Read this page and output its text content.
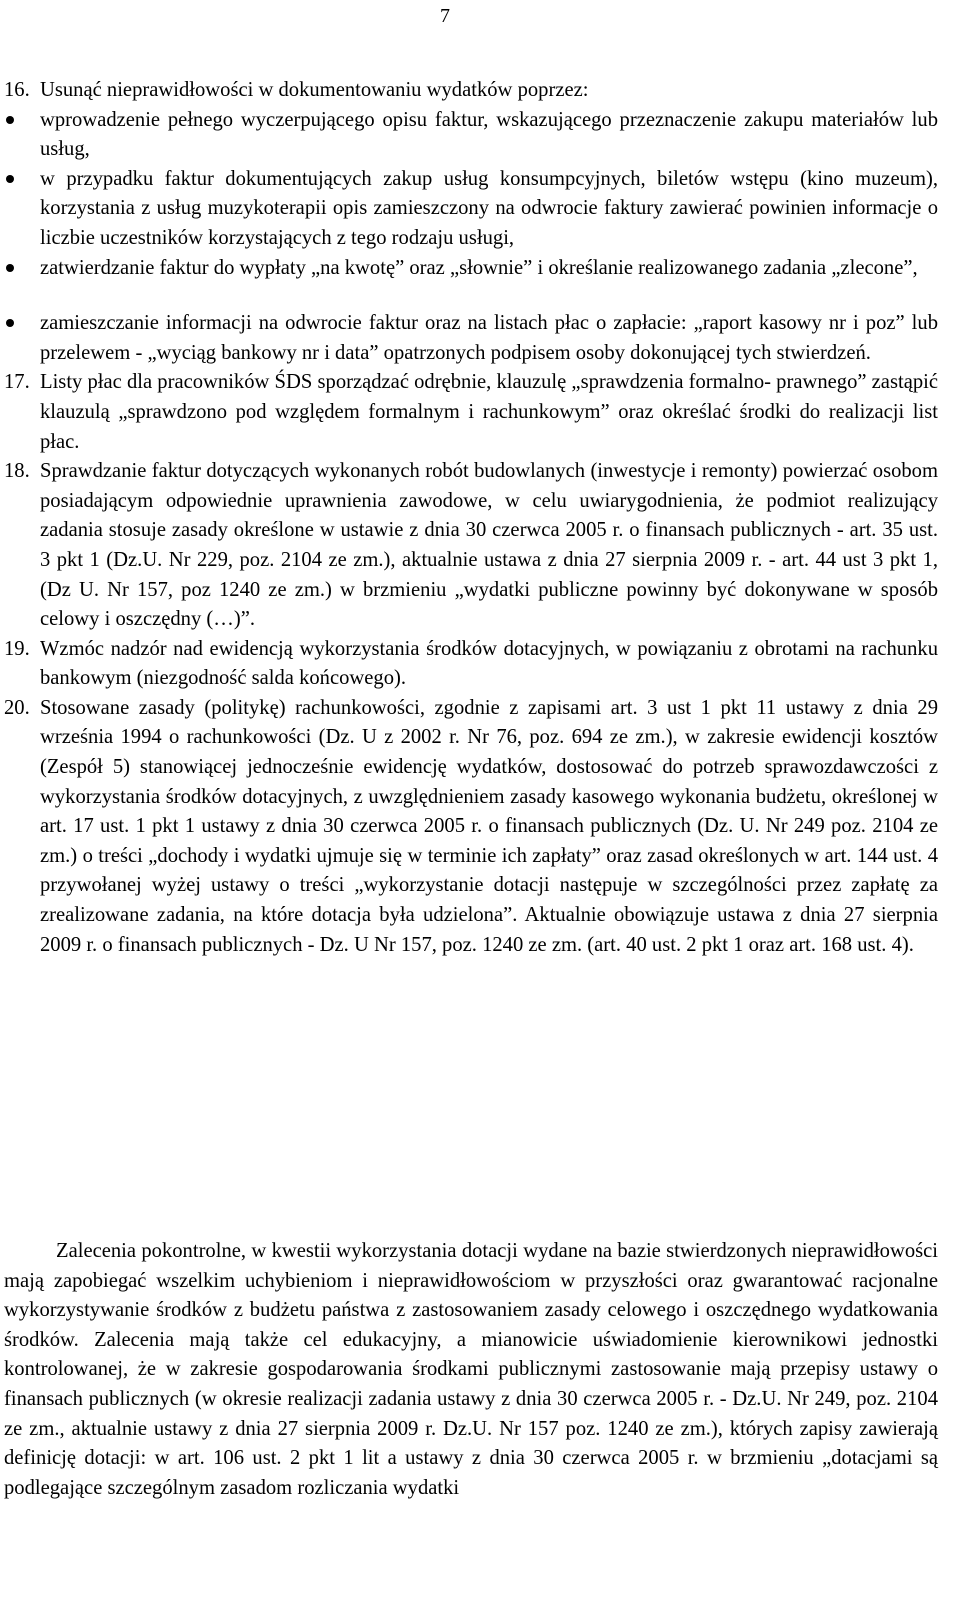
7
16. Usunąć nieprawidłowości w dokumentowaniu wydatków poprzez:
wprowadzenie pełnego wyczerpującego opisu faktur, wskazującego przeznaczenie zakupu materiałów lub usług,
w przypadku faktur dokumentujących zakup usług konsumpcyjnych, biletów wstępu (kino muzeum), korzystania z usług muzykoterapii opis zamieszczony na odwrocie faktury zawierać powinien informacje o liczbie uczestników korzystających z tego rodzaju usługi,
zatwierdzanie faktur do wypłaty „na kwotę” oraz „słownie” i określanie realizowanego zadania „zlecone”,
zamieszczanie informacji na odwrocie faktur oraz na listach płac o zapłacie: „raport kasowy nr i poz” lub przelewem - „wyciąg bankowy nr i data” opatrzonych podpisem osoby dokonującej tych stwierdzeń.
17. Listy płac dla pracowników ŚDS sporządzać odrębnie, klauzulę „sprawdzenia formalno- prawnego” zastąpić klauzulą „sprawdzono pod względem formalnym i rachunkowym” oraz określać środki do realizacji list płac.
18. Sprawdzanie faktur dotyczących wykonanych robót budowlanych (inwestycje i remonty) powierzać osobom posiadającym odpowiednie uprawnienia zawodowe, w celu uwiarygodnienia, że podmiot realizujący zadania stosuje zasady określone w ustawie z dnia 30 czerwca 2005 r. o finansach publicznych - art. 35 ust. 3 pkt 1 (Dz.U. Nr 229, poz. 2104 ze zm.), aktualnie ustawa z dnia 27 sierpnia 2009 r. - art. 44 ust 3 pkt 1, (Dz U. Nr 157, poz 1240 ze zm.) w brzmieniu „wydatki publiczne powinny być dokonywane w sposób celowy i oszczędny (…)”.
19. Wzmóc nadzór nad ewidencją wykorzystania środków dotacyjnych, w powiązaniu z obrotami na rachunku bankowym (niezgodność salda końcowego).
20. Stosowane zasady (politykę) rachunkowości, zgodnie z zapisami art. 3 ust 1 pkt 11 ustawy z dnia 29 września 1994 o rachunkowości (Dz. U z 2002 r. Nr 76, poz. 694 ze zm.), w zakresie ewidencji kosztów (Zespół 5) stanowiącej jednocześnie ewidencję wydatków, dostosować do potrzeb sprawozdawczości z wykorzystania środków dotacyjnych, z uwzględnieniem zasady kasowego wykonania budżetu, określonej w art. 17 ust. 1 pkt 1 ustawy z dnia 30 czerwca 2005 r. o finansach publicznych (Dz. U. Nr 249 poz. 2104 ze zm.) o treści „dochody i wydatki ujmuje się w terminie ich zapłaty” oraz zasad określonych w art. 144 ust. 4 przywołanej wyżej ustawy o treści „wykorzystanie dotacji następuje w szczególności przez zapłatę za zrealizowane zadania, na które dotacja była udzielona”. Aktualnie obowiązuje ustawa z dnia 27 sierpnia 2009 r. o finansach publicznych - Dz. U Nr 157, poz. 1240 ze zm. (art. 40 ust. 2 pkt 1 oraz art. 168 ust. 4).
Zalecenia pokontrolne, w kwestii wykorzystania dotacji wydane na bazie stwierdzonych nieprawidłowości mają zapobiegać wszelkim uchybieniom i nieprawidłowościom w przyszłości oraz gwarantować racjonalne wykorzystywanie środków z budżetu państwa z zastosowaniem zasady celowego i oszczędnego wydatkowania środków. Zalecenia mają także cel edukacyjny, a mianowicie uświadomienie kierownikowi jednostki kontrolowanej, że w zakresie gospodarowania środkami publicznymi zastosowanie mają przepisy ustawy o finansach publicznych (w okresie realizacji zadania ustawy z dnia 30 czerwca 2005 r. - Dz.U. Nr 249, poz. 2104 ze zm., aktualnie ustawy z dnia 27 sierpnia 2009 r. Dz.U. Nr 157 poz. 1240 ze zm.), których zapisy zawierają definicję dotacji: w art. 106 ust. 2 pkt 1 lit a ustawy z dnia 30 czerwca 2005 r. w brzmieniu „dotacjami są podlegające szczególnym zasadom rozliczania wydatki
